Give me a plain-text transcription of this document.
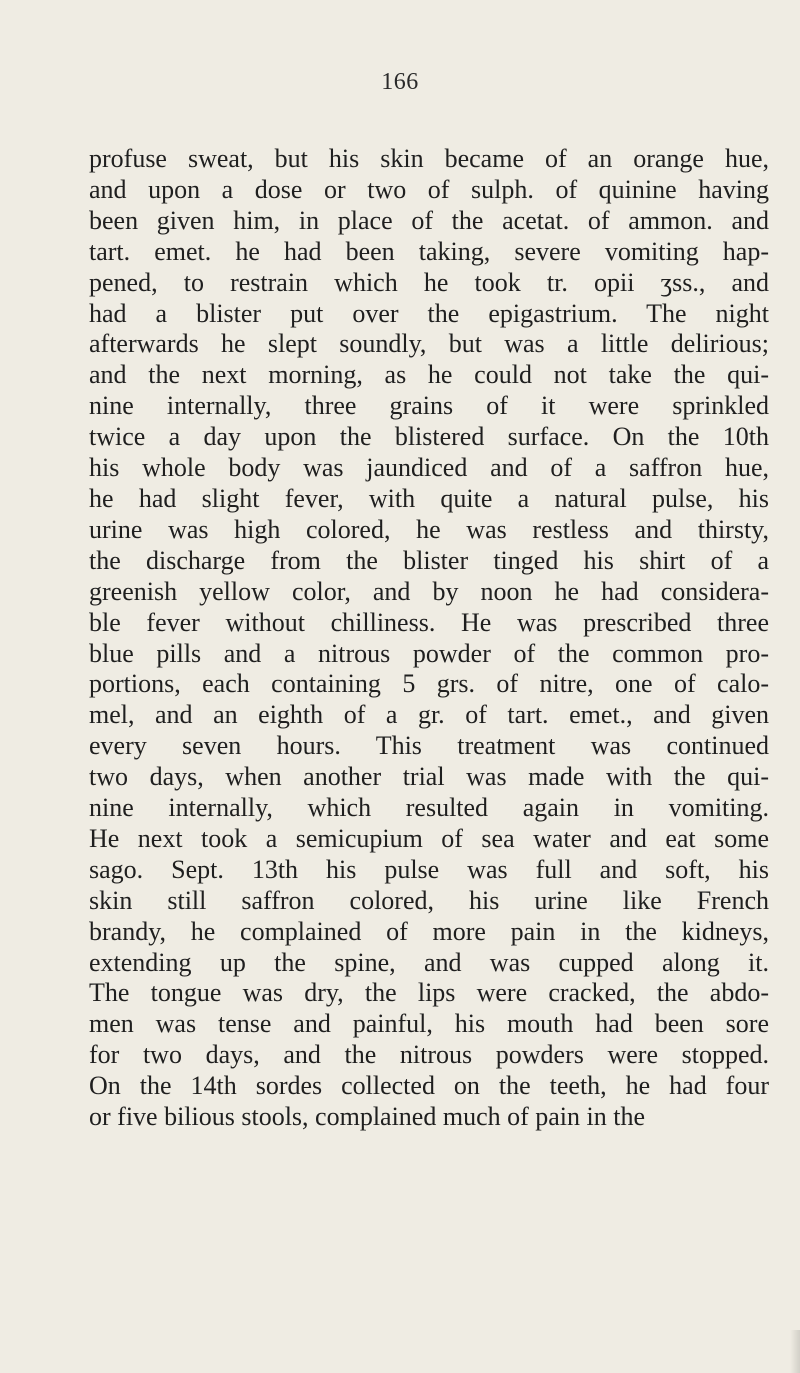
166
profuse sweat, but his skin became of an orange hue,
and upon a dose or two of sulph. of quinine having
been given him, in place of the acetat. of ammon. and
tart. emet. he had been taking, severe vomiting hap-
pened, to restrain which he took tr. opii ʒss., and
had a blister put over the epigastrium. The night
afterwards he slept soundly, but was a little delirious;
and the next morning, as he could not take the qui-
nine internally, three grains of it were sprinkled
twice a day upon the blistered surface. On the 10th
his whole body was jaundiced and of a saffron hue,
he had slight fever, with quite a natural pulse, his
urine was high colored, he was restless and thirsty,
the discharge from the blister tinged his shirt of a
greenish yellow color, and by noon he had considera-
ble fever without chilliness. He was prescribed three
blue pills and a nitrous powder of the common pro-
portions, each containing 5 grs. of nitre, one of calo-
mel, and an eighth of a gr. of tart. emet., and given
every seven hours. This treatment was continued
two days, when another trial was made with the qui-
nine internally, which resulted again in vomiting.
He next took a semicupium of sea water and eat some
sago. Sept. 13th his pulse was full and soft, his
skin still saffron colored, his urine like French
brandy, he complained of more pain in the kidneys,
extending up the spine, and was cupped along it.
The tongue was dry, the lips were cracked, the abdo-
men was tense and painful, his mouth had been sore
for two days, and the nitrous powders were stopped.
On the 14th sordes collected on the teeth, he had four
or five bilious stools, complained much of pain in the
